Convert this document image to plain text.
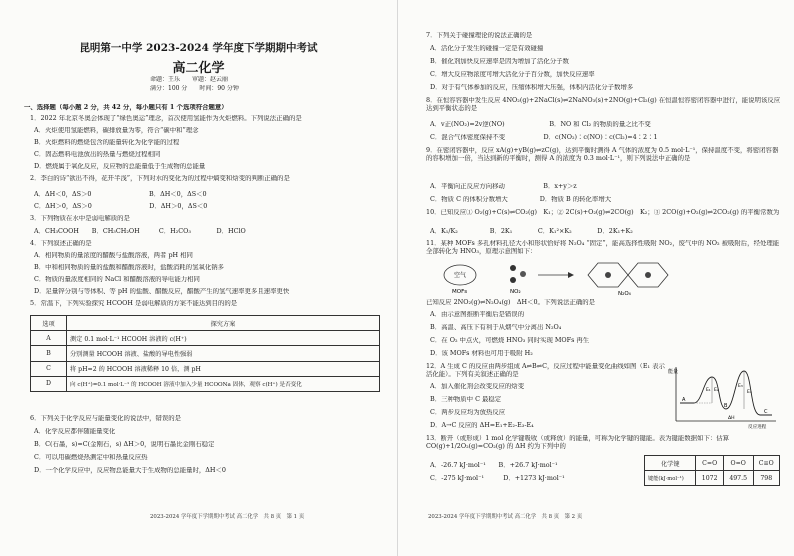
昆明第一中学 2023-2024 学年度下学期期中考试
高二化学
命题：王乐　　审题：赵云丽
满分：100 分　　时间：90 分钟
一、选择题（每小题 2 分，共 42 分，每小题只有 1 个选项符合题意）
1．2022 年北京冬奥会体现了“绿色奥运”理念，首次使用氢能作为火炬燃料。下列说法正确的是
A．火炬使用氢能燃料，碳排放量为零，符合“碳中和”理念
B．火炬燃料的燃烧包含的能量转化为化学能的过程
C．固态燃料电池放出的热量与燃烧过程相同
D．燃烧属于氧化反应，反应物的总能量低于生成物的总能量
2．李白的诗“欲出不得，花开半浅”，下列对水的变化为的过程中熵变和焓变的判断正确的是
A．ΔH＜0，ΔS＞0　　　　　　　　　B．ΔH＜0，ΔS＜0
C．ΔH＞0，ΔS＞0　　　　　　　　　D．ΔH＞0，ΔS＜0
3．下列物质在水中是弱电解质的是
A．CH₃COOH　　B．CH₃CH₂OH　　　C．H₂CO₃　　　　D．HClO
4．下列叙述正确的是
A．相同物质的量浓度的醋酸与盐酸溶液，两者 pH 相同
B．中和相同物质的量的盐酸和醋酸溶液时，盐酸消耗的氢氧化钠多
C．物质的量浓度相同的 NaCl 和醋酸溶液的导电能力相同
D．足量锌分别与等体积、等 pH 的盐酸、醋酸反应，醋酸产生的氢气速率更多且速率更快
5．常温下，下列实验探究 HCOOH 是弱电解质的方案不能达到目的的是
选项	探究方案
A	测定 0.1 mol·L⁻¹ HCOOH 溶液的 c(H⁺)
B	分别测量 HCOOH 溶液、盐酸的导电性强弱
C	将 pH=2 的 HCOOH 溶液稀释 10 倍，测 pH
D	向 c(H⁺)=0.1 mol·L⁻¹ 的 HCOOH 溶液中加入少量 HCOONa 固体，观察 c(H⁺) 是否变化
6．下列关于化学反应与能量变化的说法中，错误的是
A．化学反应都伴随能量变化
B．C(石墨，s)=C(金刚石，s) ΔH＞0，说明石墨比金刚石稳定
C．可以用碳燃烧热测定中和热量反应热
D．一个化学反应中，反应物总能量大于生成物的总能量时，ΔH＜0
2023-2024 学年度下学期期中考试 高二化学　共 8 页　第 1 页
7．下列关于碰撞理论的说法正确的是
A．活化分子发生的碰撞一定是有效碰撞
B．催化剂加快反应速率是因为增加了活化分子数
C．增大反应物浓度可增大活化分子百分数，加快反应速率
D．对于有气体参加的反应，压缩体积增大压强，体积内活化分子数增多
8．在恒容容器中发生反应 4NO₂(g)+2NaCl(s)⇌2NaNO₃(s)+2NO(g)+Cl₂(g) 在恒温恒容密闭容器中进行，能说明该反应达到平衡状态的是
A．v正(NO₂)=2v逆(NO)　　　　　　　B．NO 和 Cl₂ 的物质的量之比不变
C．混合气体密度保持不变　　　　　　D．c(NO₂)∶c(NO)∶c(Cl₂)=4∶2∶1
9．在密闭容器中，反应 xA(g)+yB(g)⇌zC(g)，达到平衡时测得 A 气体的浓度为 0.5 mol·L⁻¹，保持温度不变，将密闭容器的容积增加一倍，当达到新的平衡时，测得 A 的浓度为 0.3 mol·L⁻¹，则下列说法中正确的是
A．平衡向正反应方向移动　　　　　　B．x+y＞z
C．物质 C 的体积分数增大　　　　　D．物质 B 的转化率增大
10．已知反应① O₂(g)+C(s)⇌CO₂(g)　K₁；② 2C(s)+O₂(g)⇌2CO(g)　K₂；③ 2CO(g)+O₂(g)⇌2CO₂(g) 的平衡常数为
A．K₁/K₂　　　　　B．2K₁　　　　C．K₁²×K₂　　　　D．2K₁+K₂
11．某种 MOFs 多孔材料孔径大小和形状恰好将 N₂O₄ “固定”，能高选择性吸附 NO₂，废气中的 NO₂ 被吸附后，经处理能全部转化为 HNO₃，原理示意图如下：
空气
MOFs	NO₂	N₂O₄
已知反应 2NO₂(g)⇌N₂O₄(g)　ΔH＜0。下列说法正确的是
A．由示意图推断平衡后是错误的
B．高温、高压下有利于从烟气中分离出 N₂O₄
C．在 O₂ 中点火，可燃烧 HNO₃ 同时实现 MOFs 再生
D．该 MOFs 材料也可用于吸附 H₂
12．A 生成 C 的反应由两步组成 A⇌B⇌C，反应过程中能量变化曲线如图（E₁ 表示活化能）。下列有关叙述正确的是
A．加入催化剂会改变反应的焓变
B．三种物质中 C 最稳定
C．两步反应均为放热反应
D．A→C 反应的 ΔH=E₁+E₂-E₃-E₄
能量
反应进程
A
B
C
E₁ E₂
E₃
E₄
ΔH
13．断开（或形成）1 mol 化学键吸收（或释放）的能量，可称为化学键的键能。表为键能数据如下：估算 CO(g)+1/2O₂(g)=CO₂(g) 的 ΔH 约为下列中的
A．-26.7 kJ·mol⁻¹　　B．+26.7 kJ·mol⁻¹
C．-275 kJ·mol⁻¹　　　D．+1273 kJ·mol⁻¹
化学键	C=O	O=O	C≡O
键能(kJ·mol⁻¹)	1072	497.5	798
2023-2024 学年度下学期期中考试 高二化学　共 8 页　第 2 页
